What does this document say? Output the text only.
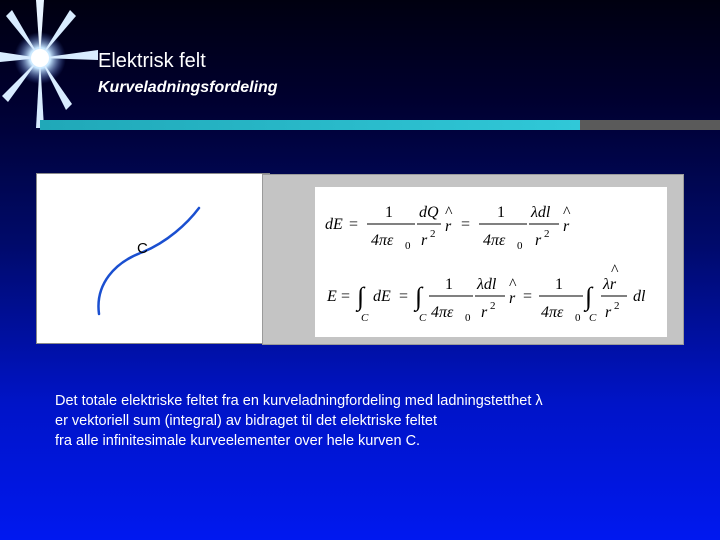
Elektrisk felt
Kurveladningsfordeling
C
dE =
1
4πε 0
dQ
r 2 r
^
=
1
4πε 0
λdl
r 2 r
^
E = ∫
C
dE = ∫
C
1
4πε 0
λdl
r 2 r
^
=
1
4πε 0
∫
C
λr
^
r 2
dl
Det totale elektriske feltet fra en kurveladningfordeling med ladningstetthet λ
er vektoriell sum (integral) av bidraget til det elektriske feltet
fra alle infinitesimale kurveelementer over hele kurven C.
